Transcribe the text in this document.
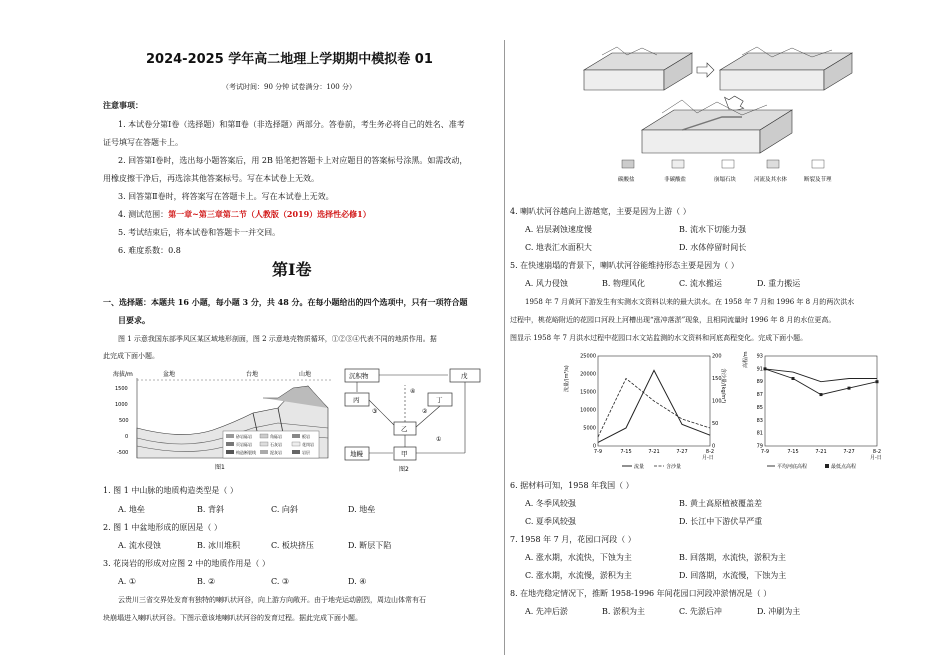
2024-2025 学年高二地理上学期期中模拟卷 01
（考试时间：90 分钟 试卷满分：100 分）
注意事项：
1. 本试卷分第Ⅰ卷（选择题）和第Ⅱ卷（非选择题）两部分。答卷前，考生务必将自己的姓名、准考
证号填写在答题卡上。
2. 回答第Ⅰ卷时，选出每小题答案后，用 2B 铅笔把答题卡上对应题目的答案标号涂黑。如需改动，
用橡皮擦干净后，再选涂其他答案标号。写在本试卷上无效。
3. 回答第Ⅱ卷时，将答案写在答题卡上。写在本试卷上无效。
4. 测试范围：第一章~第三章第二节（人教版（2019）选择性必修1）
5. 考试结束后，将本试卷和答题卡一并交回。
6. 难度系数：0.8
第Ⅰ卷
一、选择题：本题共 16 小题，每小题 3 分，共 48 分。在每小题给出的四个选项中，只有一项符合题
目要求。
图 1 示意我国东部季风区某区域地形剖面，图 2 示意地壳物质循环，①②③④代表不同的地质作用。据
此完成下面小题。
海拔/m	盆地	台地	山地
1500
1000
500
0
-500
砂岩砾岩
页岩砾岩
构造断裂线
角砾岩
石灰岩
泥灰岩
板岩
花岗岩
岩层
图1
沉积物	戊
丙	丁
乙
甲
地幔
④
③	②
①
图2
1. 图 1 中山脉的地质构造类型是（ ）
A. 地垒	B. 背斜	C. 向斜	D. 地垒
2. 图 1 中盆地形成的原因是（ ）
A. 流水侵蚀	B. 冰川堆积	C. 板块挤压	D. 断层下陷
3. 花岗岩的形成对应图 2 中的地质作用是（ ）
A. ①	B. ②	C. ③	D. ④
云贵川三省交界处发育有独特的喇叭状河谷，向上游方向敞开。由于地壳运动剧烈，周边山体常有石
块崩塌进入喇叭状河谷。下图示意该地喇叭状河谷的发育过程。据此完成下面小题。
碳酸盐	非碳酸盐	崩塌石块	河流及其水体	断裂及节理
4. 喇叭状河谷越向上游越宽，主要是因为上游（ ）
A. 岩层剥蚀速度慢	B. 流水下切能力强
C. 地表汇水面积大	D. 水体停留时间长
5. 在快速崩塌的背景下，喇叭状河谷能维持形态主要是因为（ ）
A. 风力侵蚀	B. 物理风化	C. 流水搬运	D. 重力搬运
1958 年 7 月黄河下游发生有实测水文资料以来的最大洪水。在 1958 年 7 月和 1996 年 8 月的两次洪水
过程中，桃花峪附近的花园口河段上河槽出现“涨冲落淤”现象，且相同流量时 1996 年 8 月的水位更高。
图显示 1958 年 7 月洪水过程中花园口水文站监测的水文资料和河底高程变化。完成下面小题。
流量/(m³/s)	含沙量/(kg/m³)
25000
20000
15000
10000
5000
0
200
150
100
50
0
7-9	7-15	7-21	7-27	8-2
月-日
流量	含沙量
高程/m 93
91
89
87
85
83
81
79
7-9	7-15	7-21	7-27	8-2
月-日
平均河底高程	最低点高程
6. 据材料可知，1958 年我国（ ）
A. 冬季风较强	B. 黄土高原植被覆盖差
C. 夏季风较强	D. 长江中下游伏旱严重
7. 1958 年 7 月，花园口河段（ ）
A. 涨水期，水流快，下蚀为主	B. 回落期，水流快，淤积为主
C. 涨水期，水流慢，淤积为主	D. 回落期，水流慢，下蚀为主
8. 在地壳稳定情况下，推断 1958-1996 年间花园口河段冲淤情况是（ ）
A. 先冲后淤	B. 淤积为主	C. 先淤后冲	D. 冲刷为主
